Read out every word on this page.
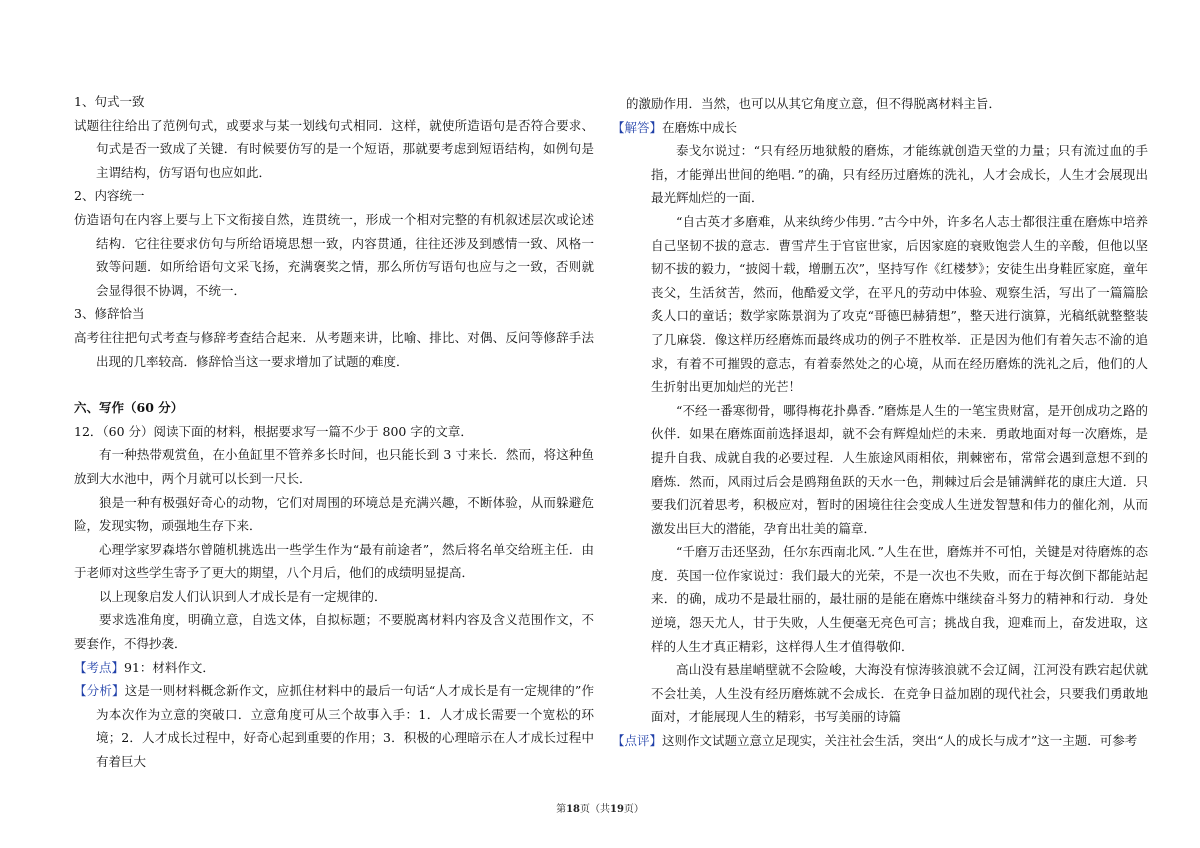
1、句式一致

试题往往给出了范例句式，或要求与某一划线句式相同．这样，就使所造语句是否符合要求、句式是否一致成了关键．有时候要仿写的是一个短语，那就要考虑到短语结构，如例句是主谓结构，仿写语句也应如此．

2、内容统一

仿造语句在内容上要与上下文衔接自然，连贯统一，形成一个相对完整的有机叙述层次或论述结构．它往往要求仿句与所给语境思想一致，内容贯通，往往还涉及到感情一致、风格一致等问题．如所给语句文采飞扬，充满褒奖之情，那么所仿写语句也应与之一致，否则就会显得很不协调，不统一．

3、修辞恰当

高考往往把句式考查与修辞考查结合起来．从考题来讲，比喻、排比、对偶、反问等修辞手法出现的几率较高．修辞恰当这一要求增加了试题的难度．

六、写作（60 分）

12．（60 分）阅读下面的材料，根据要求写一篇不少于 800 字的文章．

有一种热带观赏鱼，在小鱼缸里不管养多长时间，也只能长到 3 寸来长．然而，将这种鱼放到大水池中，两个月就可以长到一尺长．

狼是一种有极强好奇心的动物，它们对周围的环境总是充满兴趣，不断体验，从而躲避危险，发现实物，顽强地生存下来．

心理学家罗森塔尔曾随机挑选出一些学生作为“最有前途者”，然后将名单交给班主任．由于老师对这些学生寄予了更大的期望，八个月后，他们的成绩明显提高．

以上现象启发人们认识到人才成长是有一定规律的．

要求选准角度，明确立意，自选文体，自拟标题；不要脱离材料内容及含义范围作文，不要套作，不得抄袭．

【考点】91：材料作文．

【分析】这是一则材料概念新作文，应抓住材料中的最后一句话“人才成长是有一定规律的”作为本次作为立意的突破口．立意角度可从三个故事入手：1．人才成长需要一个宽松的环境；2．人才成长过程中，好奇心起到重要的作用；3．积极的心理暗示在人才成长过程中有着巨大

的激励作用．当然，也可以从其它角度立意，但不得脱离材料主旨．

【解答】在磨炼中成长

泰戈尔说过：“只有经历地狱般的磨炼，才能练就创造天堂的力量；只有流过血的手指，才能弹出世间的绝唱．”的确，只有经历过磨炼的洗礼，人才会成长，人生才会展现出最光辉灿烂的一面．

“自古英才多磨难，从来纨绔少伟男．”古今中外，许多名人志士都很注重在磨炼中培养自己坚韧不拔的意志．曹雪芹生于官宦世家，后因家庭的衰败饱尝人生的辛酸，但他以坚韧不拔的毅力，“披阅十载，增删五次”，坚持写作《红楼梦》；安徒生出身鞋匠家庭，童年丧父，生活贫苦，然而，他酷爱文学，在平凡的劳动中体验、观察生活，写出了一篇篇脍炙人口的童话；数学家陈景润为了攻克“哥德巴赫猜想”，整天进行演算，光稿纸就整整装了几麻袋．像这样历经磨炼而最终成功的例子不胜枚举．正是因为他们有着矢志不渝的追求，有着不可摧毁的意志，有着泰然处之的心境，从而在经历磨炼的洗礼之后，他们的人生折射出更加灿烂的光芒！

“不经一番寒彻骨，哪得梅花扑鼻香．”磨炼是人生的一笔宝贵财富，是开创成功之路的伙伴．如果在磨炼面前选择退却，就不会有辉煌灿烂的未来．勇敢地面对每一次磨炼，是提升自我、成就自我的必要过程．人生旅途风雨相依，荆棘密布，常常会遇到意想不到的磨炼．然而，风雨过后会是鸥翔鱼跃的天水一色，荆棘过后会是铺满鲜花的康庄大道．只要我们沉着思考，积极应对，暂时的困境往往会变成人生迸发智慧和伟力的催化剂，从而激发出巨大的潜能，孕育出壮美的篇章．

“千磨万击还坚劲，任尔东西南北风．”人生在世，磨炼并不可怕，关键是对待磨炼的态度．英国一位作家说过：我们最大的光荣，不是一次也不失败，而在于每次倒下都能站起来．的确，成功不是最壮丽的，最壮丽的是能在磨炼中继续奋斗努力的精神和行动．身处逆境，怨天尤人，甘于失败，人生便毫无亮色可言；挑战自我，迎难而上，奋发进取，这样的人生才真正精彩，这样得人生才值得敬仰．

高山没有悬崖峭壁就不会险峻，大海没有惊涛骇浪就不会辽阔，江河没有跌宕起伏就不会壮美，人生没有经历磨炼就不会成长．在竞争日益加剧的现代社会，只要我们勇敢地面对，才能展现人生的精彩，书写美丽的诗篇

【点评】这则作文试题立意立足现实，关注社会生活，突出“人的成长与成才”这一主题．可参考

第18页（共19页）
